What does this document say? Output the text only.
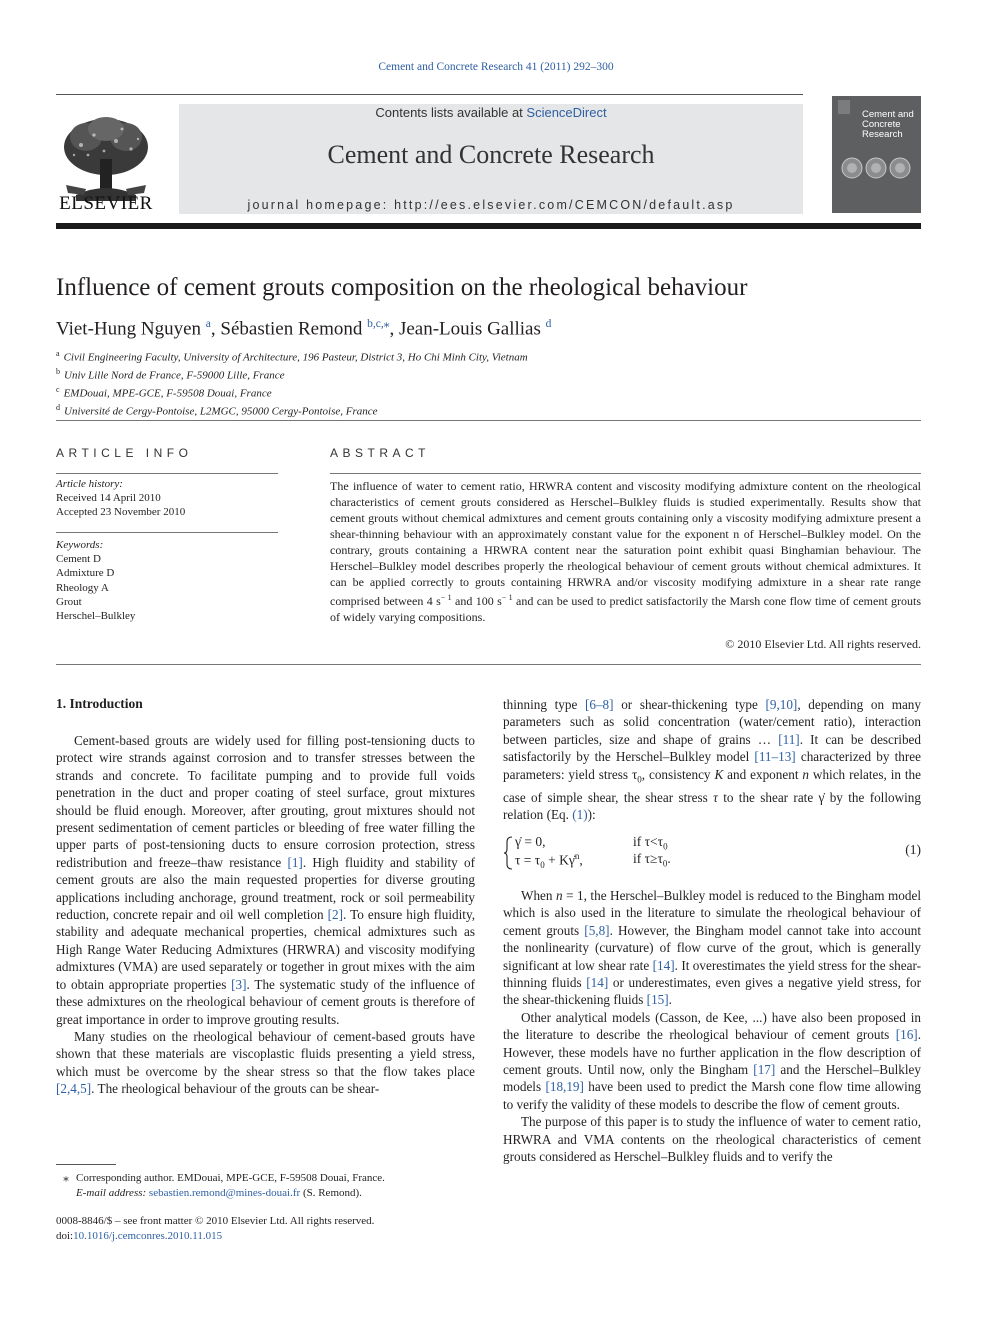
Cement and Concrete Research 41 (2011) 292–300
ELSEVIER
Contents lists available at ScienceDirect
Cement and Concrete Research
journal homepage: http://ees.elsevier.com/CEMCON/default.asp
Cement and
Concrete
Research
Influence of cement grouts composition on the rheological behaviour
Viet-Hung Nguyen $^a$, Sébastien Remond $^{b,c,⁎}$, Jean-Louis Gallias $^d$
$^a$ Civil Engineering Faculty, University of Architecture, 196 Pasteur, District 3, Ho Chi Minh City, Vietnam
$^b$ Univ Lille Nord de France, F-59000 Lille, France
$^c$ EMDouai, MPE-GCE, F-59508 Douai, France
$^d$ Université de Cergy-Pontoise, L2MGC, 95000 Cergy-Pontoise, France
ARTICLE INFO
Article history:
Received 14 April 2010
Accepted 23 November 2010
Keywords:
Cement D
Admixture D
Rheology A
Grout
Herschel–Bulkley
ABSTRACT
The influence of water to cement ratio, HRWRA content and viscosity modifying admixture content on the rheological characteristics of cement grouts considered as Herschel–Bulkley fluids is studied experimentally. Results show that cement grouts without chemical admixtures and cement grouts containing only a viscosity modifying admixture present a shear-thinning behaviour with an approximately constant value for the exponent n of Herschel–Bulkley model. On the contrary, grouts containing a HRWRA content near the saturation point exhibit quasi Binghamian behaviour. The Herschel–Bulkley model describes properly the rheological behaviour of cement grouts without chemical admixtures. It can be applied correctly to grouts containing HRWRA and/or viscosity modifying admixture in a shear rate range comprised between 4 $s^{- 1}$ and 100 $s^{- 1}$ and can be used to predict satisfactorily the Marsh cone flow time of cement grouts of widely varying compositions.
© 2010 Elsevier Ltd. All rights reserved.
1. Introduction

Cement-based grouts are widely used for filling post-tensioning ducts to protect wire strands against corrosion and to transfer stresses between the strands and concrete. To facilitate pumping and to provide full voids penetration in the duct and proper coating of steel surface, grout mixtures should be fluid enough. Moreover, after grouting, grout mixtures should not present sedimentation of cement particles or bleeding of free water filling the upper parts of post-tensioning ducts to ensure corrosion protection, stress redistribution and freeze–thaw resistance [1]. High fluidity and stability of cement grouts are also the main requested properties for diverse grouting applications including anchorage, ground treatment, rock or soil permeability reduction, concrete repair and oil well completion [2]. To ensure high fluidity, stability and adequate mechanical properties, chemical admixtures such as High Range Water Reducing Admixtures (HRWRA) and viscosity modifying admixtures (VMA) are used separately or together in grout mixes with the aim to obtain appropriate properties [3]. The systematic study of the influence of these admixtures on the rheological behaviour of cement grouts is therefore of great importance in order to improve grouting results.

Many studies on the rheological behaviour of cement-based grouts have shown that these materials are viscoplastic fluids presenting a yield stress, which must be overcome by the shear stress so that the flow takes place [2,4,5]. The rheological behaviour of the grouts can be shear-

thinning type [6–8] or shear-thickening type [9,10], depending on many parameters such as solid concentration (water/cement ratio), interaction between particles, size and shape of grains … [11]. It can be described satisfactorily by the Herschel–Bulkley model [11–13] characterized by three parameters: yield stress $\tau_0$, consistency K and exponent n which relates, in the case of simple shear, the shear stress τ to the shear rate γ̇ by the following relation (Eq. (1)):

γ̇ = 0,	if $\tau<\tau_0$
$\tau = \tau_0$ + Kγ̇$^n$,	if $\tau\ge\tau_0$.
(1)

When n = 1, the Herschel–Bulkley model is reduced to the Bingham model which is also used in the literature to simulate the rheological behaviour of cement grouts [5,8]. However, the Bingham model cannot take into account the nonlinearity (curvature) of flow curve of the grout, which is generally significant at low shear rate [14]. It overestimates the yield stress for the shear-thinning fluids [14] or underestimates, even gives a negative yield stress, for the shear-thickening fluids [15].

Other analytical models (Casson, de Kee, ...) have also been proposed in the literature to describe the rheological behaviour of cement grouts [16]. However, these models have no further application in the flow description of cement grouts. Until now, only the Bingham [17] and the Herschel–Bulkley models [18,19] have been used to predict the Marsh cone flow time allowing to verify the validity of these models to describe the flow of cement grouts.

The purpose of this paper is to study the influence of water to cement ratio, HRWRA and VMA contents on the rheological characteristics of cement grouts considered as Herschel–Bulkley fluids and to verify the

⁎ Corresponding author. EMDouai, MPE-GCE, F-59508 Douai, France.
E-mail address: sebastien.remond@mines-douai.fr (S. Remond).
0008-8846/$ – see front matter © 2010 Elsevier Ltd. All rights reserved.
doi:10.1016/j.cemconres.2010.11.015
